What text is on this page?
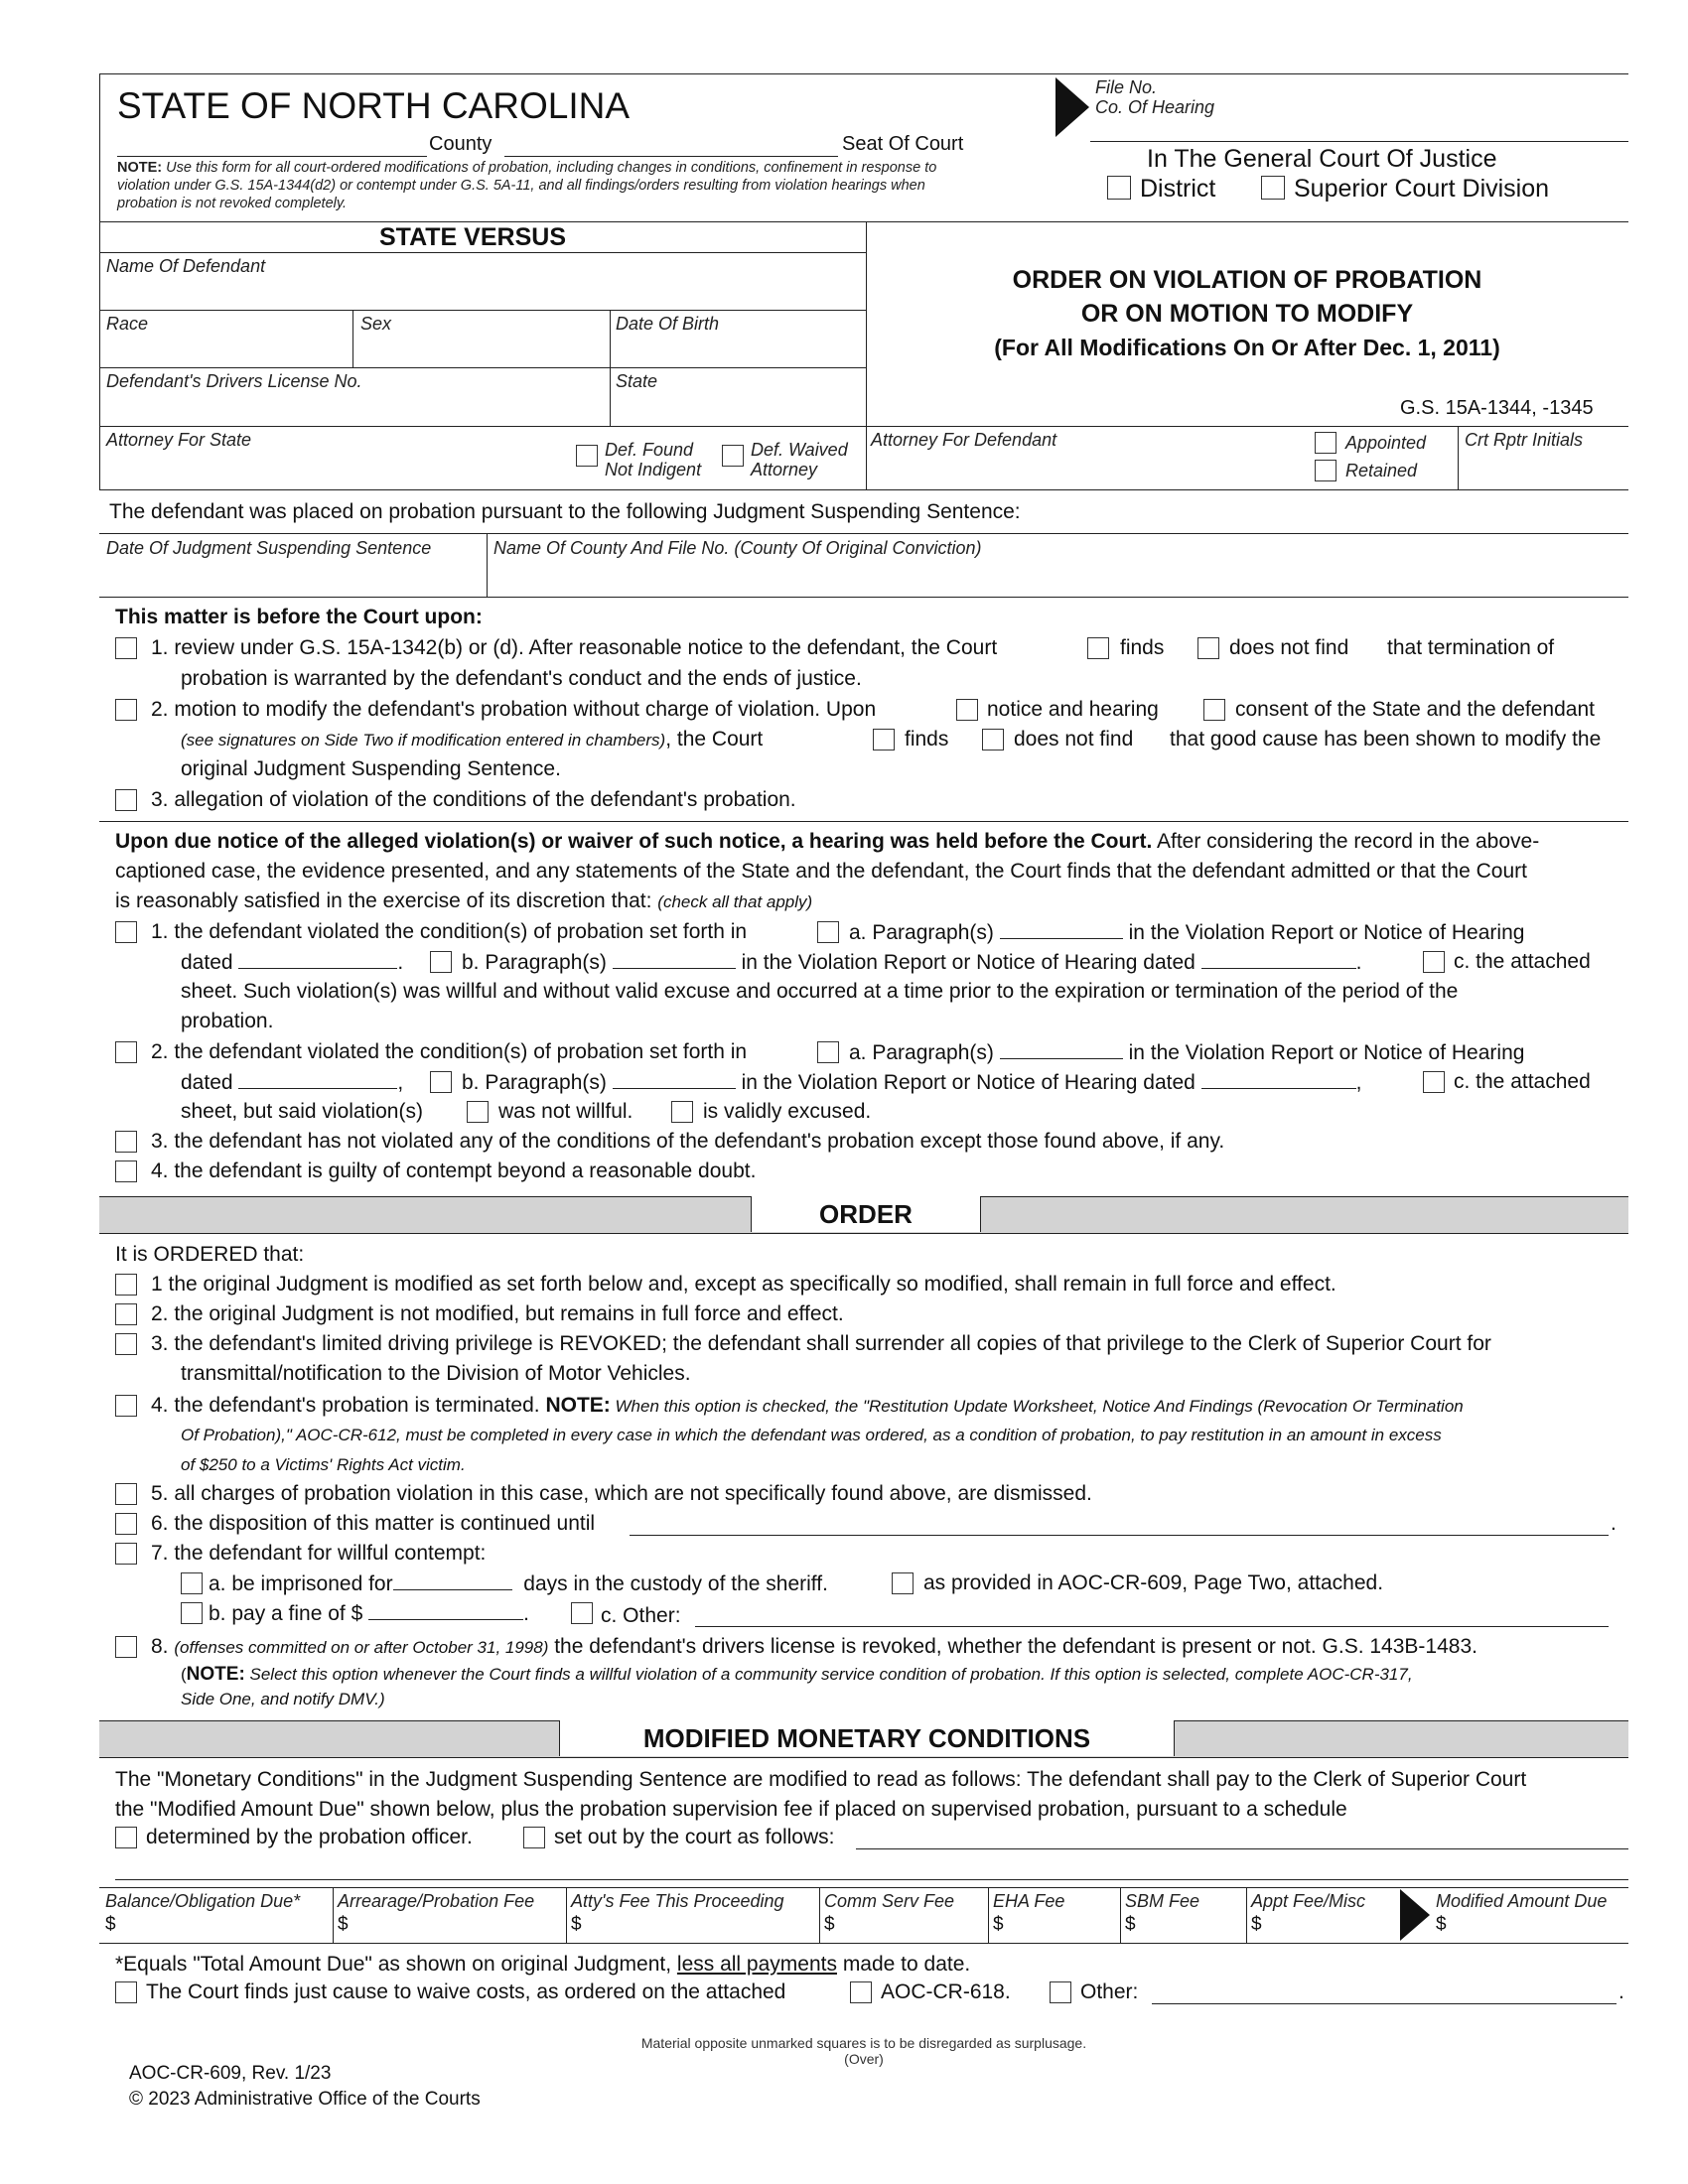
STATE OF NORTH CAROLINA
County	Seat Of Court
NOTE: Use this form for all court-ordered modifications of probation, including changes in conditions, confinement in response to violation under G.S. 15A-1344(d2) or contempt under G.S. 5A-11, and all findings/orders resulting from violation hearings when probation is not revoked completely.
File No.
Co. Of Hearing
In The General Court Of Justice
District	Superior Court Division
STATE VERSUS
Name Of Defendant
Race	Sex	Date Of Birth
Defendant's Drivers License No.	State
Attorney For State	Def. Found
Not Indigent
Def. Waived
Attorney
ORDER ON VIOLATION OF PROBATION
OR ON MOTION TO MODIFY
(For All Modifications On Or After Dec. 1, 2011)
G.S. 15A-1344, -1345
Attorney For Defendant	Appointed
Retained
Crt Rptr Initials
The defendant was placed on probation pursuant to the following Judgment Suspending Sentence:
Date Of Judgment Suspending Sentence	Name Of County And File No. (County Of Original Conviction)
This matter is before the Court upon:
1. review under G.S. 15A-1342(b) or (d). After reasonable notice to the defendant, the Court	finds	does not find that termination of
probation is warranted by the defendant's conduct and the ends of justice.
2. motion to modify the defendant's probation without charge of violation. Upon	notice and hearing	consent of the State and the defendant
(see signatures on Side Two if modification entered in chambers), the Court	finds	does not find that good cause has been shown to modify the
original Judgment Suspending Sentence.
3. allegation of violation of the conditions of the defendant's probation.
Upon due notice of the alleged violation(s) or waiver of such notice, a hearing was held before the Court. After considering the record in the above-
captioned case, the evidence presented, and any statements of the State and the defendant, the Court finds that the defendant admitted or that the Court
is reasonably satisfied in the exercise of its discretion that: (check all that apply)
1. the defendant violated the condition(s) of probation set forth in	a. Paragraph(s)	in the Violation Report or Notice of Hearing
dated	.	b. Paragraph(s)	in the Violation Report or Notice of Hearing dated	.	c. the attached
sheet. Such violation(s) was willful and without valid excuse and occurred at a time prior to the expiration or termination of the period of the
probation.
2. the defendant violated the condition(s) of probation set forth in	a. Paragraph(s)	in the Violation Report or Notice of Hearing
dated	,	b. Paragraph(s)	in the Violation Report or Notice of Hearing dated	,	c. the attached
sheet, but said violation(s)	was not willful.	is validly excused.
3. the defendant has not violated any of the conditions of the defendant's probation except those found above, if any.
4. the defendant is guilty of contempt beyond a reasonable doubt.
ORDER
It is ORDERED that:
1 the original Judgment is modified as set forth below and, except as specifically so modified, shall remain in full force and effect.
2. the original Judgment is not modified, but remains in full force and effect.
3. the defendant's limited driving privilege is REVOKED; the defendant shall surrender all copies of that privilege to the Clerk of Superior Court for
transmittal/notification to the Division of Motor Vehicles.
4. the defendant's probation is terminated. NOTE: When this option is checked, the "Restitution Update Worksheet, Notice And Findings (Revocation Or Termination
Of Probation)," AOC-CR-612, must be completed in every case in which the defendant was ordered, as a condition of probation, to pay restitution in an amount in excess
of $250 to a Victims' Rights Act victim.
5. all charges of probation violation in this case, which are not specifically found above, are dismissed.
6. the disposition of this matter is continued until	.
7. the defendant for willful contempt:
a. be imprisoned for	days in the custody of the sheriff.	as provided in AOC-CR-609, Page Two, attached.
b. pay a fine of $	.	c. Other:
8. (offenses committed on or after October 31, 1998) the defendant's drivers license is revoked, whether the defendant is present or not. G.S. 143B-1483.
(NOTE: Select this option whenever the Court finds a willful violation of a community service condition of probation. If this option is selected, complete AOC-CR-317,
Side One, and notify DMV.)
MODIFIED MONETARY CONDITIONS
The "Monetary Conditions" in the Judgment Suspending Sentence are modified to read as follows: The defendant shall pay to the Clerk of Superior Court
the "Modified Amount Due" shown below, plus the probation supervision fee if placed on supervised probation, pursuant to a schedule
determined by the probation officer.	set out by the court as follows:
Balance/Obligation Due*
$
Arrearage/Probation Fee
$
Atty's Fee This Proceeding
$
Comm Serv Fee
$
EHA Fee
$
SBM Fee
$
Appt Fee/Misc
$
Modified Amount Due
$
*Equals "Total Amount Due" as shown on original Judgment, less all payments made to date.
The Court finds just cause to waive costs, as ordered on the attached	AOC-CR-618.	Other:	.
Material opposite unmarked squares is to be disregarded as surplusage.
(Over)
AOC-CR-609, Rev. 1/23
© 2023 Administrative Office of the Courts
